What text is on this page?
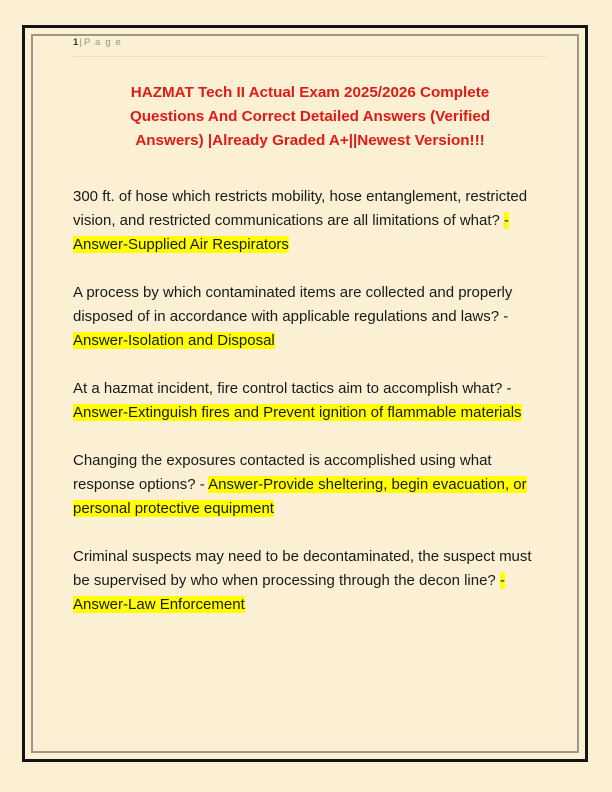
1| P a g e
HAZMAT Tech II Actual Exam 2025/2026 Complete
Questions And Correct Detailed Answers (Verified
Answers) |Already Graded A+||Newest Version!!!

300 ft. of hose which restricts mobility, hose entanglement, restricted vision, and restricted communications are all limitations of what? - Answer-Supplied Air Respirators

A process by which contaminated items are collected and properly disposed of in accordance with applicable regulations and laws? - Answer-Isolation and Disposal

At a hazmat incident, fire control tactics aim to accomplish what? - Answer-Extinguish fires and Prevent ignition of flammable materials

Changing the exposures contacted is accomplished using what response options? - Answer-Provide sheltering, begin evacuation, or personal protective equipment

Criminal suspects may need to be decontaminated, the suspect must be supervised by who when processing through the decon line? - Answer-Law Enforcement
